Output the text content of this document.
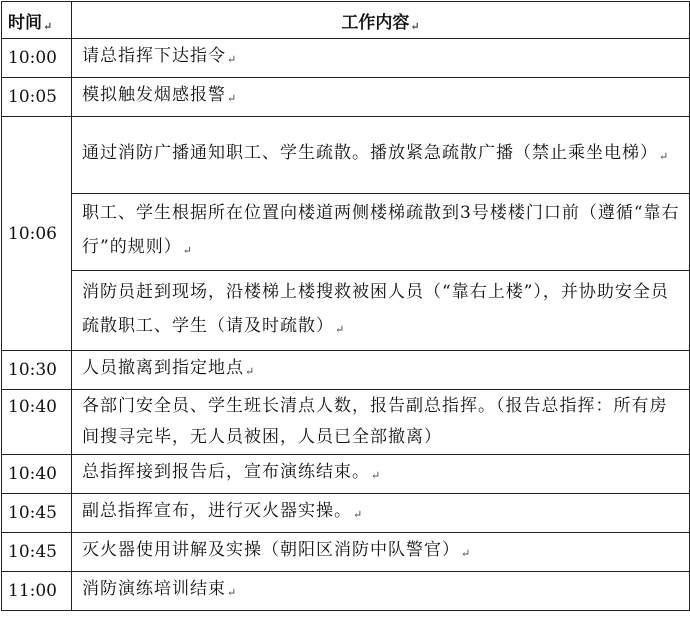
时间↵	工作内容↵
10:00	请总指挥下达指令↵
10:05	模拟触发烟感报警↵
10:06	通过消防广播通知职工、学生疏散。播放紧急疏散广播（禁止乘坐电梯）↵
	职工、学生根据所在位置向楼道两侧楼梯疏散到3号楼楼门口前（遵循“靠右行”的规则）↵
	消防员赶到现场，沿楼梯上楼搜救被困人员（“靠右上楼”），并协助安全员疏散职工、学生（请及时疏散）↵
10:30	人员撤离到指定地点↵
10:40	各部门安全员、学生班长清点人数，报告副总指挥。（报告总指挥：所有房间搜寻完毕，无人员被困，人员已全部撤离）
10:40	总指挥接到报告后，宣布演练结束。↵
10:45	副总指挥宣布，进行灭火器实操。↵
10:45	灭火器使用讲解及实操（朝阳区消防中队警官）↵
11:00	消防演练培训结束↵
